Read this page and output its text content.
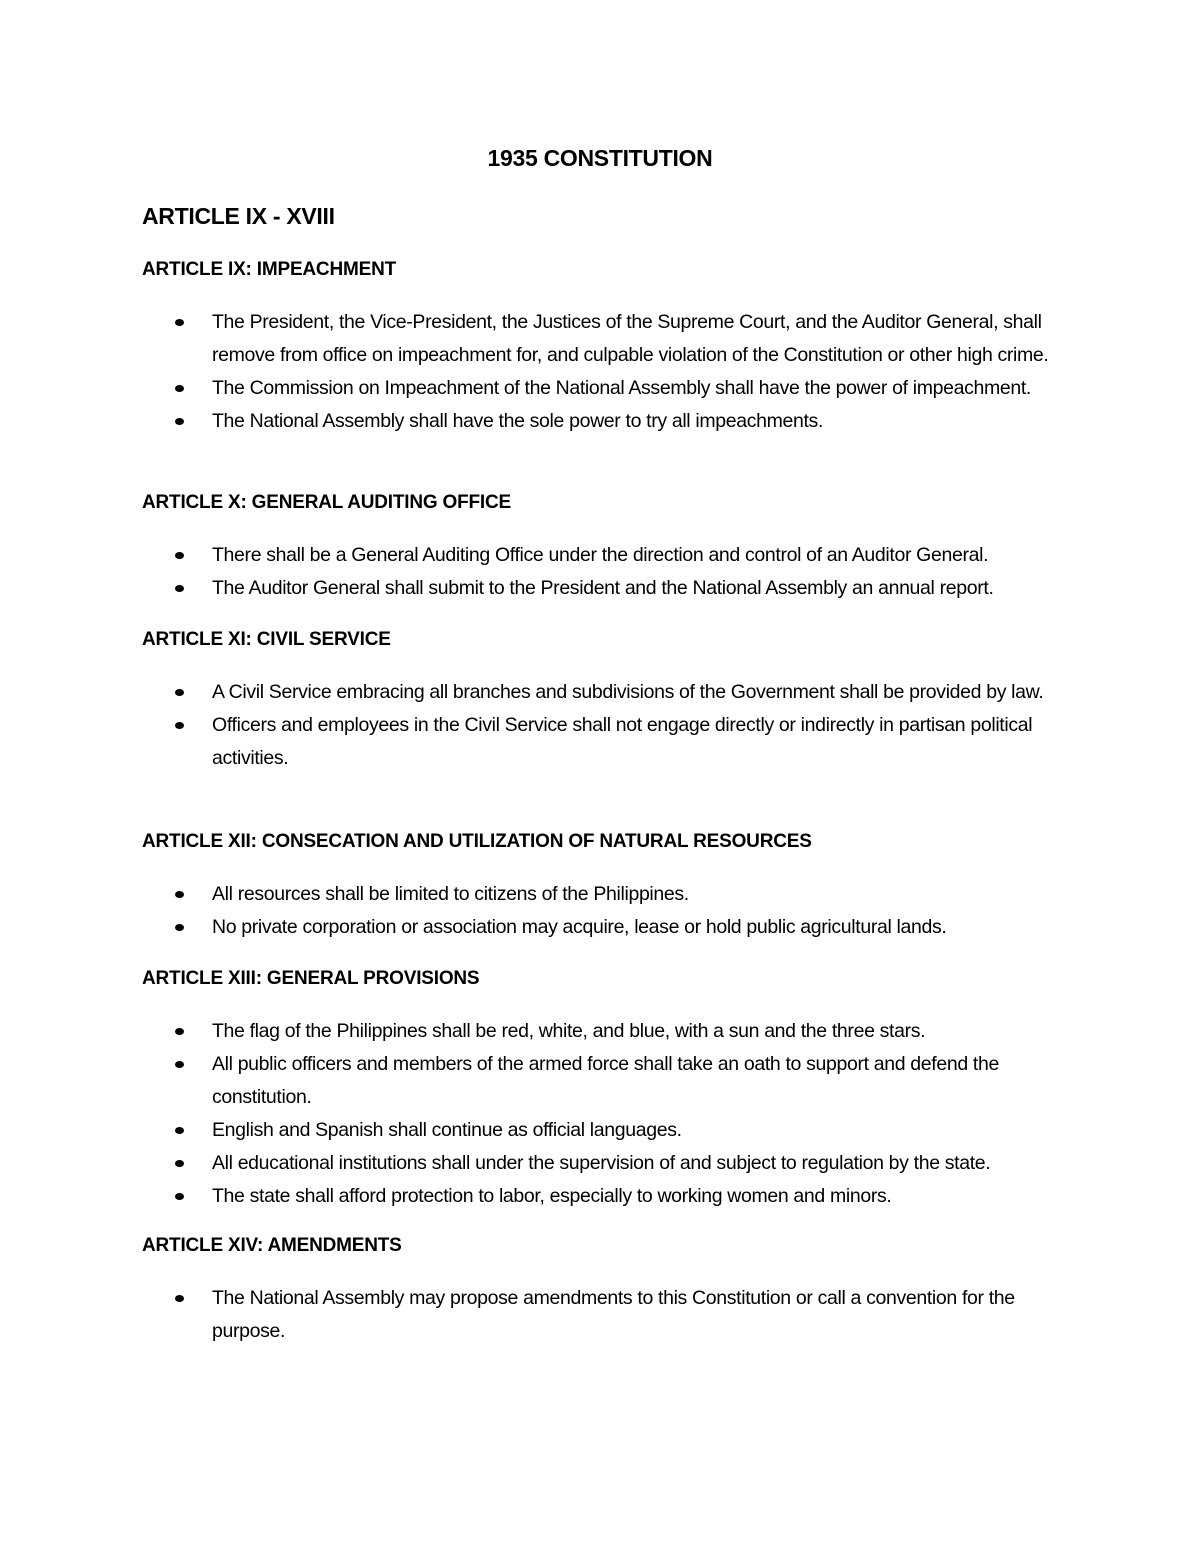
1935 CONSTITUTION
ARTICLE IX - XVIII
ARTICLE IX: IMPEACHMENT
The President, the Vice-President, the Justices of the Supreme Court, and the Auditor General, shall remove from office on impeachment for, and culpable violation of the Constitution or other high crime.
The Commission on Impeachment of the National Assembly shall have the power of impeachment.
The National Assembly shall have the sole power to try all impeachments.
ARTICLE X: GENERAL AUDITING OFFICE
There shall be a General Auditing Office under the direction and control of an Auditor General.
The Auditor General shall submit to the President and the National Assembly an annual report.
ARTICLE XI: CIVIL SERVICE
A Civil Service embracing all branches and subdivisions of the Government shall be provided by law.
Officers and employees in the Civil Service shall not engage directly or indirectly in partisan political activities.
ARTICLE XII: CONSECATION AND UTILIZATION OF NATURAL RESOURCES
All resources shall be limited to citizens of the Philippines.
No private corporation or association may acquire, lease or hold public agricultural lands.
ARTICLE XIII: GENERAL PROVISIONS
The flag of the Philippines shall be red, white, and blue, with a sun and the three stars.
All public officers and members of the armed force shall take an oath to support and defend the constitution.
English and Spanish shall continue as official languages.
All educational institutions shall under the supervision of and subject to regulation by the state.
The state shall afford protection to labor, especially to working women and minors.
ARTICLE XIV: AMENDMENTS
The National Assembly may propose amendments to this Constitution or call a convention for the purpose.
